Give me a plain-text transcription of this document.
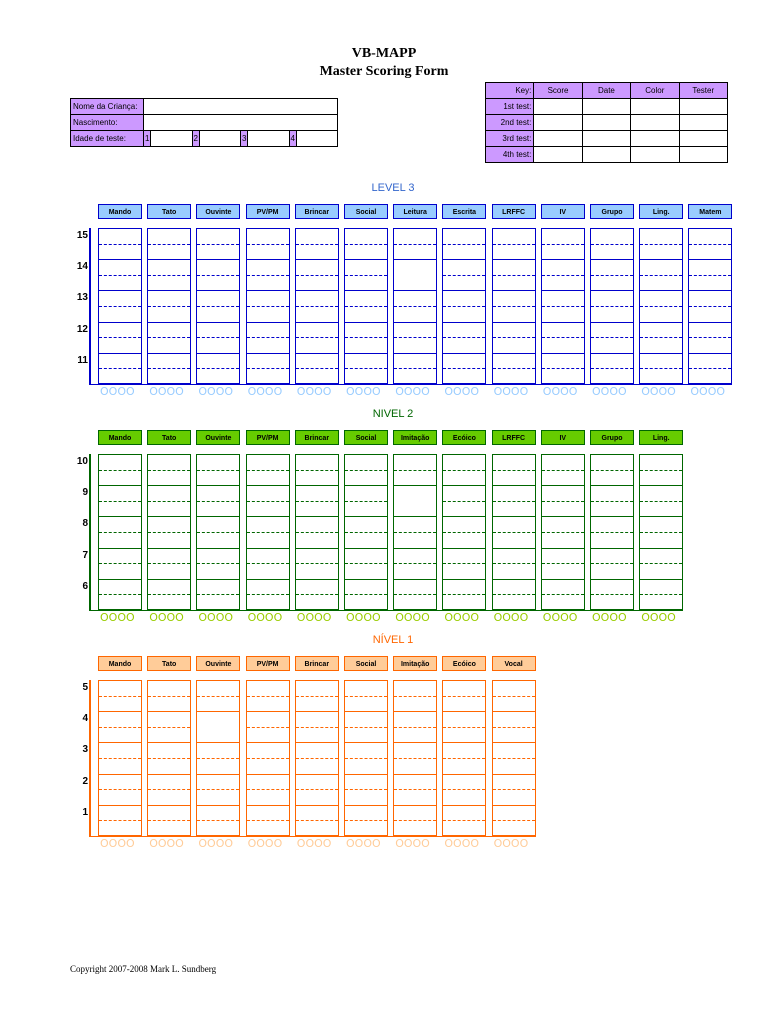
VB-MAPP
Master Scoring Form
Nome da Criança:								
Nascimento:								
Idade de teste:	1		2		3		4	
Key:	Score	Date	Color	Tester
1st test:				
2nd test:				
3rd test:				
4th test:				
LEVEL 3
15
14
13
12
11
Mando
OOOO
Tato
OOOO
Ouvinte
OOOO
PV/PM
OOOO
Brincar
OOOO
Social
OOOO
Leitura
OOOO
Escrita
OOOO
LRFFC
OOOO
IV
OOOO
Grupo
OOOO
Ling.
OOOO
Matem
OOOO
NIVEL 2
10
9
8
7
6
Mando
OOOO
Tato
OOOO
Ouvinte
OOOO
PV/PM
OOOO
Brincar
OOOO
Social
OOOO
Imitação
OOOO
Ecóico
OOOO
LRFFC
OOOO
IV
OOOO
Grupo
OOOO
Ling.
OOOO
NÍVEL 1
5
4
3
2
1
Mando
OOOO
Tato
OOOO
Ouvinte
OOOO
PV/PM
OOOO
Brincar
OOOO
Social
OOOO
Imitação
OOOO
Ecóico
OOOO
Vocal
OOOO
Copyright 2007-2008 Mark L. Sundberg
